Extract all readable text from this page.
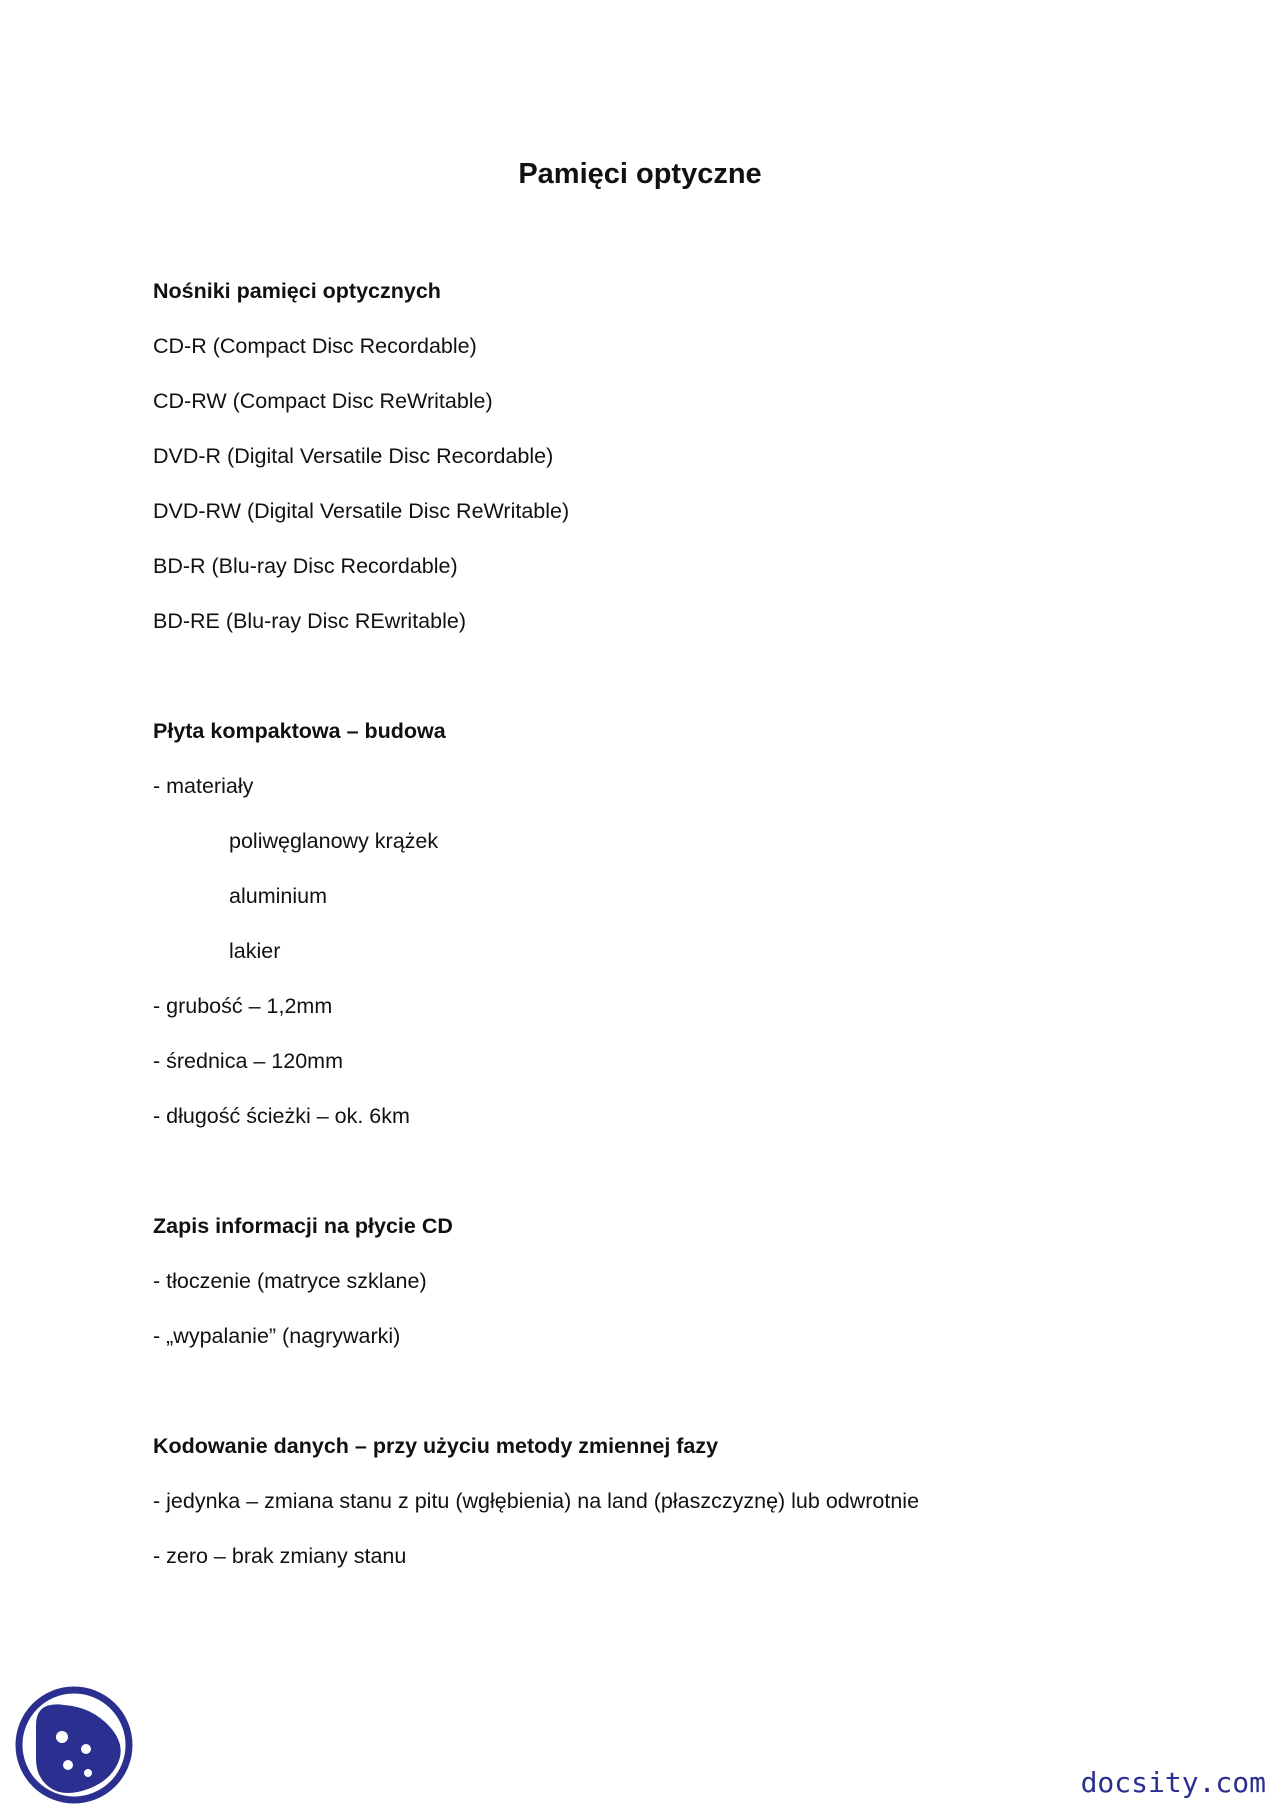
Pamięci optyczne
Nośniki pamięci optycznych
CD-R (Compact Disc Recordable)
CD-RW (Compact Disc ReWritable)
DVD-R (Digital Versatile Disc Recordable)
DVD-RW (Digital Versatile Disc ReWritable)
BD-R (Blu-ray Disc Recordable)
BD-RE (Blu-ray Disc REwritable)
Płyta kompaktowa – budowa
- materiały
poliwęglanowy krążek
aluminium
lakier
- grubość – 1,2mm
- średnica – 120mm
- długość ścieżki – ok. 6km
Zapis informacji na płycie CD
- tłoczenie (matryce szklane)
- „wypalanie” (nagrywarki)
Kodowanie danych – przy użyciu metody zmiennej fazy
- jedynka – zmiana stanu z pitu (wgłębienia) na land (płaszczyznę) lub odwrotnie
- zero – brak zmiany stanu
docsity.com
